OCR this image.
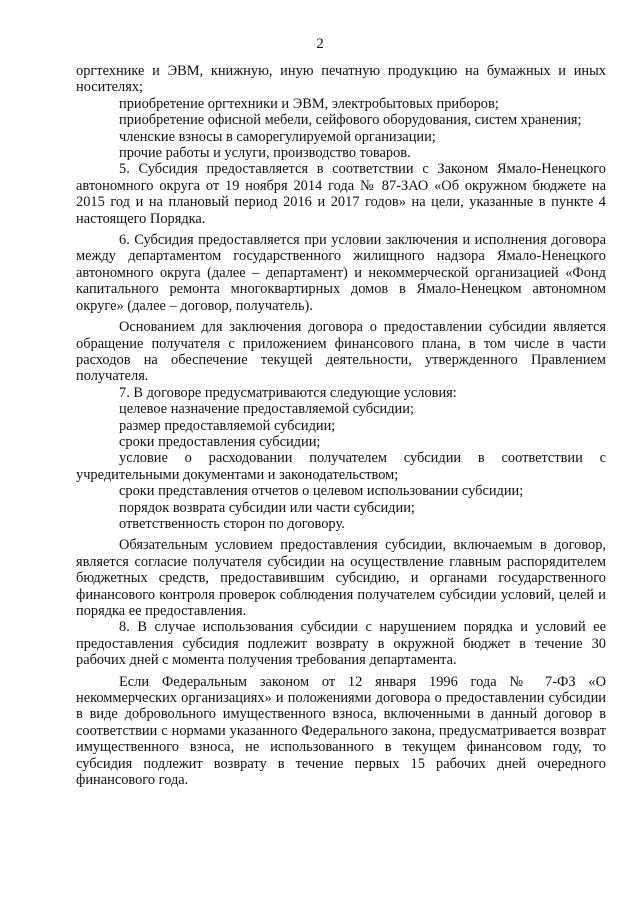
2

оргтехнике и ЭВМ, книжную, иную печатную продукцию на бумажных и иных носителях;

приобретение оргтехники и ЭВМ, электробытовых приборов;

приобретение офисной мебели, сейфового оборудования, систем хранения;

членские взносы в саморегулируемой организации;

прочие работы и услуги, производство товаров.

5. Субсидия предоставляется в соответствии с Законом Ямало-Ненецкого автономного округа от 19 ноября 2014 года № 87-ЗАО «Об окружном бюджете на 2015 год и на плановый период 2016 и 2017 годов» на цели, указанные в пункте 4 настоящего Порядка.

6. Субсидия предоставляется при условии заключения и исполнения договора между департаментом государственного жилищного надзора Ямало-Ненецкого автономного округа (далее – департамент) и некоммерческой организацией «Фонд капитального ремонта многоквартирных домов в Ямало-Ненецком автономном округе» (далее – договор, получатель).

Основанием для заключения договора о предоставлении субсидии является обращение получателя с приложением финансового плана, в том числе в части расходов на обеспечение текущей деятельности, утвержденного Правлением получателя.

7. В договоре предусматриваются следующие условия:

целевое назначение предоставляемой субсидии;

размер предоставляемой субсидии;

сроки предоставления субсидии;

условие о расходовании получателем субсидии в соответствии с учредительными документами и законодательством;

сроки представления отчетов о целевом использовании субсидии;

порядок возврата субсидии или части субсидии;

ответственность сторон по договору.

Обязательным условием предоставления субсидии, включаемым в договор, является согласие получателя субсидии на осуществление главным распорядителем бюджетных средств, предоставившим субсидию, и органами государственного финансового контроля проверок соблюдения получателем субсидии условий, целей и порядка ее предоставления.

8. В случае использования субсидии с нарушением порядка и условий ее предоставления субсидия подлежит возврату в окружной бюджет в течение 30 рабочих дней с момента получения требования департамента.

Если Федеральным законом от 12 января 1996 года № 7-ФЗ «О некоммерческих организациях» и положениями договора о предоставлении субсидии в виде добровольного имущественного взноса, включенными в данный договор в соответствии с нормами указанного Федерального закона, предусматривается возврат имущественного взноса, не использованного в текущем финансовом году, то субсидия подлежит возврату в течение первых 15 рабочих дней очередного финансового года.
